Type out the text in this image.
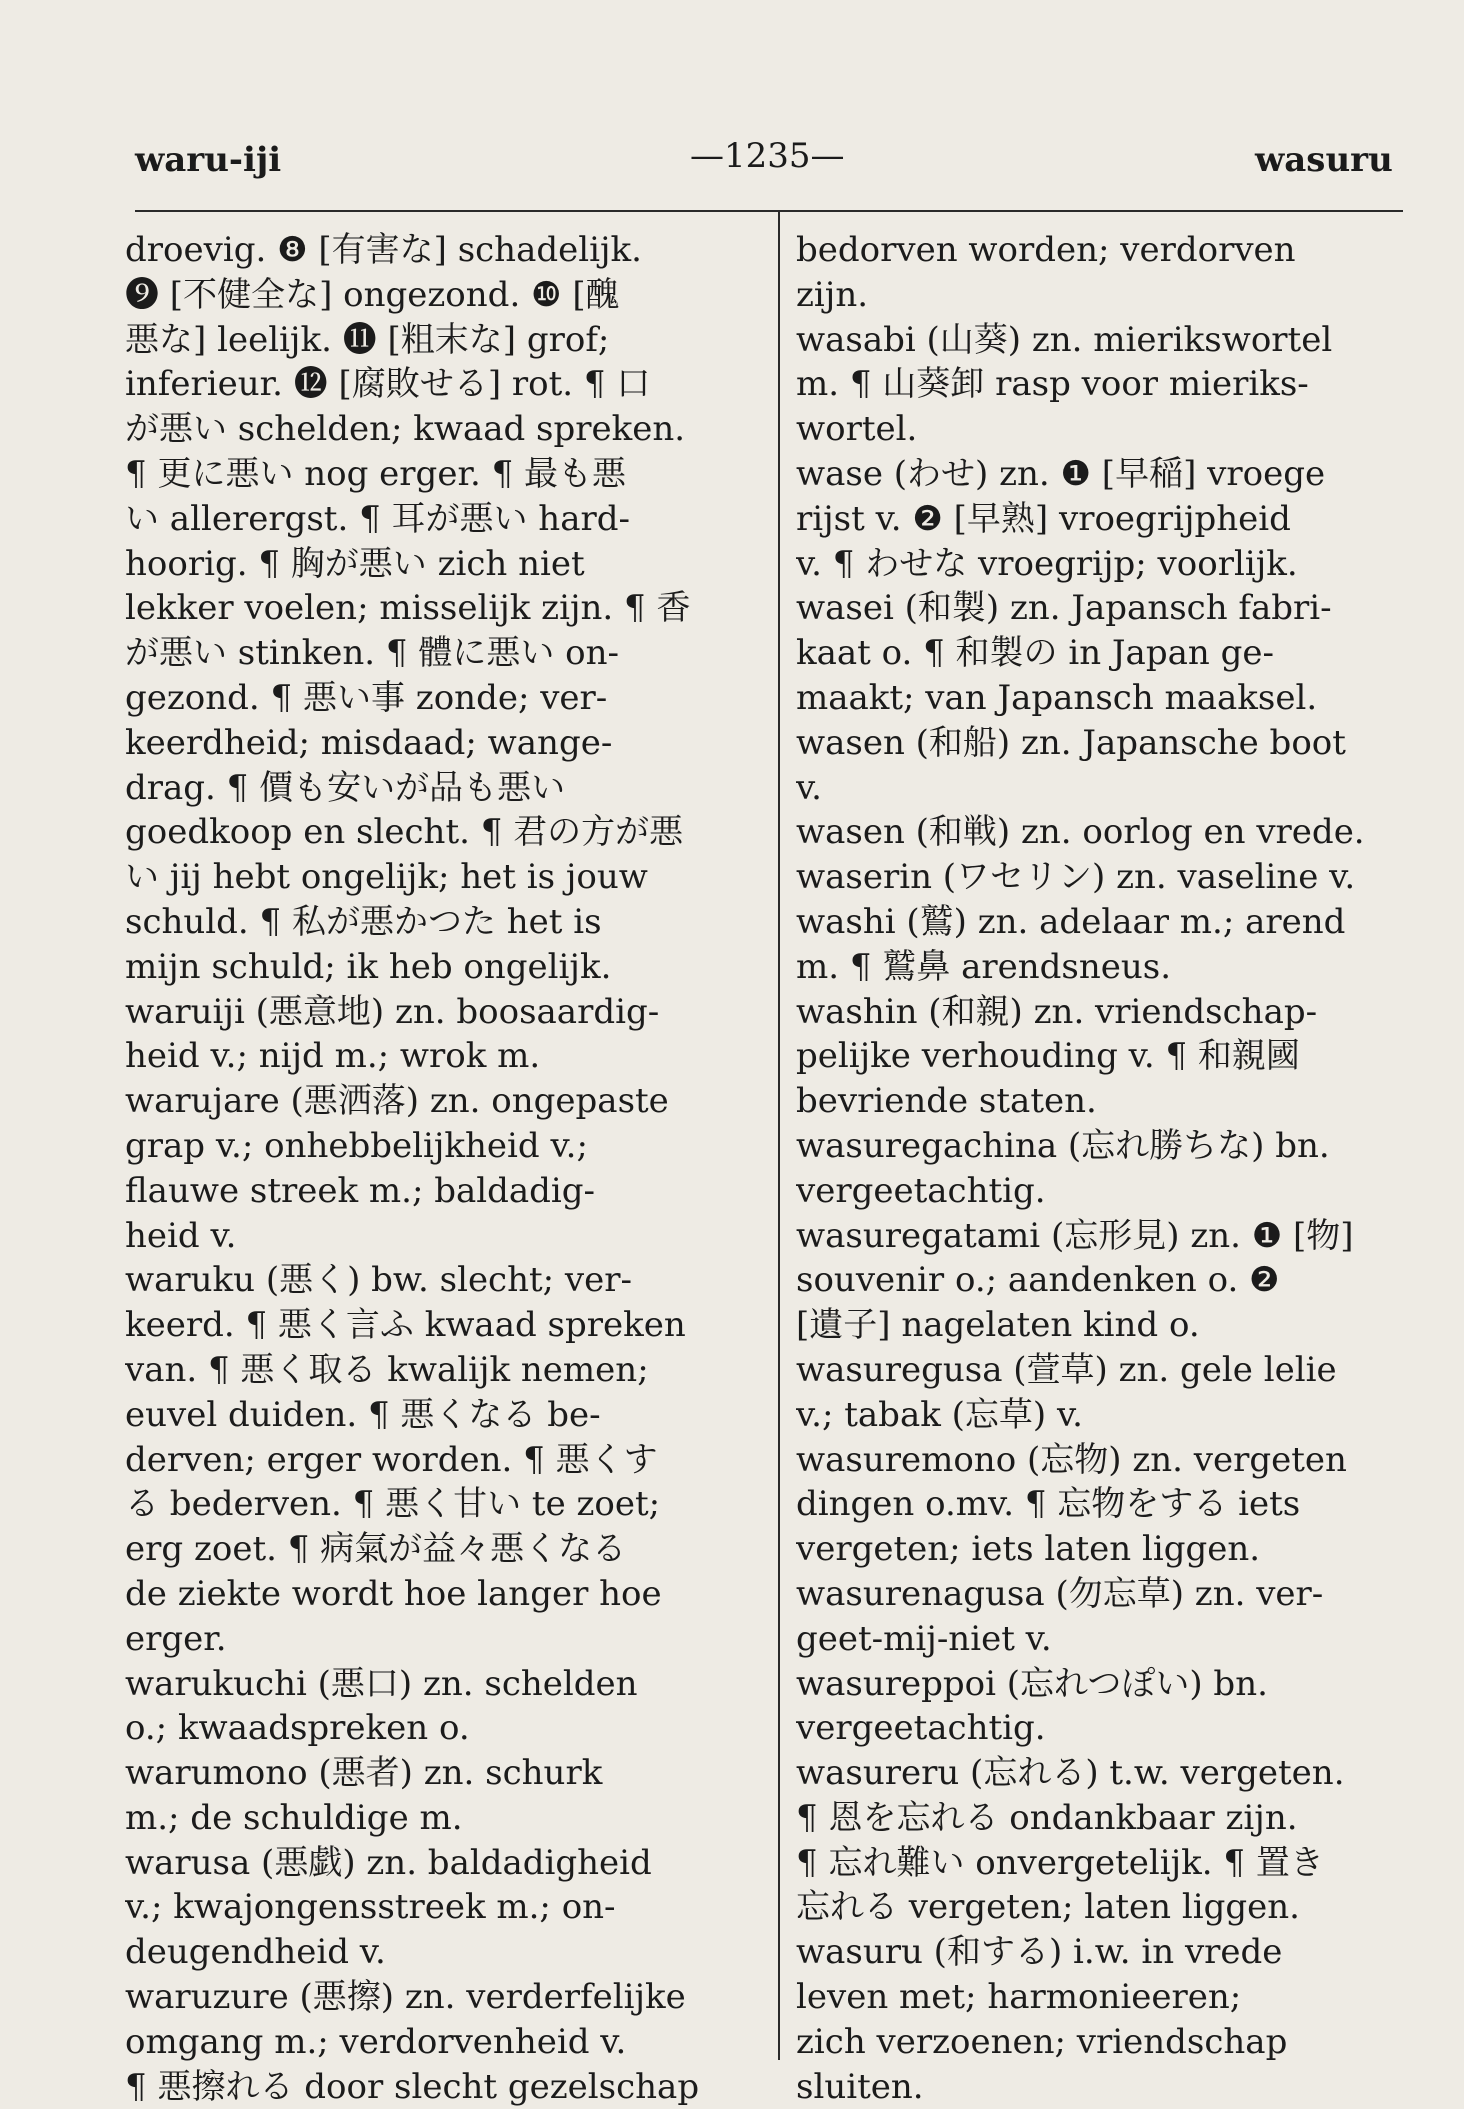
waru-iji	—1235—	wasuru
droevig. ❽ [有害な] schadelijk.
❾ [不健全な] ongezond. ❿ [醜
悪な] leelijk. ⓫ [粗末な] grof;
inferieur. ⓬ [腐敗せる] rot. ¶ 口
が悪い schelden; kwaad spreken.
¶ 更に悪い nog erger. ¶ 最も悪
い allerergst. ¶ 耳が悪い hard-
hoorig. ¶ 胸が悪い zich niet
lekker voelen; misselijk zijn. ¶ 香
が悪い stinken. ¶ 體に悪い on-
gezond. ¶ 悪い事 zonde; ver-
keerdheid; misdaad; wange-
drag. ¶ 價も安いが品も悪い
goedkoop en slecht. ¶ 君の方が悪
い jij hebt ongelijk; het is jouw
schuld. ¶ 私が悪かつた het is
mijn schuld; ik heb ongelijk.
waruiji (悪意地) zn. boosaardig-
heid v.; nijd m.; wrok m.
warujare (悪洒落) zn. ongepaste
grap v.; onhebbelijkheid v.;
flauwe streek m.; baldadig-
heid v.
waruku (悪く) bw. slecht; ver-
keerd. ¶ 悪く言ふ kwaad spreken
van. ¶ 悪く取る kwalijk nemen;
euvel duiden. ¶ 悪くなる be-
derven; erger worden. ¶ 悪くす
る bederven. ¶ 悪く甘い te zoet;
erg zoet. ¶ 病氣が益々悪くなる
de ziekte wordt hoe langer hoe
erger.
warukuchi (悪口) zn. schelden
o.; kwaadspreken o.
warumono (悪者) zn. schurk
m.; de schuldige m.
warusa (悪戯) zn. baldadigheid
v.; kwajongensstreek m.; on-
deugendheid v.
waruzure (悪擦) zn. verderfelijke
omgang m.; verdorvenheid v.
¶ 悪擦れる door slecht gezelschap
bedorven worden; verdorven
zijn.
wasabi (山葵) zn. mierikswortel
m. ¶ 山葵卸 rasp voor mieriks-
wortel.
wase (わせ) zn. ❶ [早稲] vroege
rijst v. ❷ [早熟] vroegrijpheid
v. ¶ わせな vroegrijp; voorlijk.
wasei (和製) zn. Japansch fabri-
kaat o. ¶ 和製の in Japan ge-
maakt; van Japansch maaksel.
wasen (和船) zn. Japansche boot
v.
wasen (和戦) zn. oorlog en vrede.
waserin (ワセリン) zn. vaseline v.
washi (鷲) zn. adelaar m.; arend
m. ¶ 鷲鼻 arendsneus.
washin (和親) zn. vriendschap-
pelijke verhouding v. ¶ 和親國
bevriende staten.
wasuregachina (忘れ勝ちな) bn.
vergeetachtig.
wasuregatami (忘形見) zn. ❶ [物]
souvenir o.; aandenken o. ❷
[遺子] nagelaten kind o.
wasuregusa (萱草) zn. gele lelie
v.; tabak (忘草) v.
wasuremono (忘物) zn. vergeten
dingen o.mv. ¶ 忘物をする iets
vergeten; iets laten liggen.
wasurenagusa (勿忘草) zn. ver-
geet-mij-niet v.
wasureppoi (忘れつぽい) bn.
vergeetachtig.
wasureru (忘れる) t.w. vergeten.
¶ 恩を忘れる ondankbaar zijn.
¶ 忘れ難い onvergetelijk. ¶ 置き
忘れる vergeten; laten liggen.
wasuru (和する) i.w. in vrede
leven met; harmonieeren;
zich verzoenen; vriendschap
sluiten.
